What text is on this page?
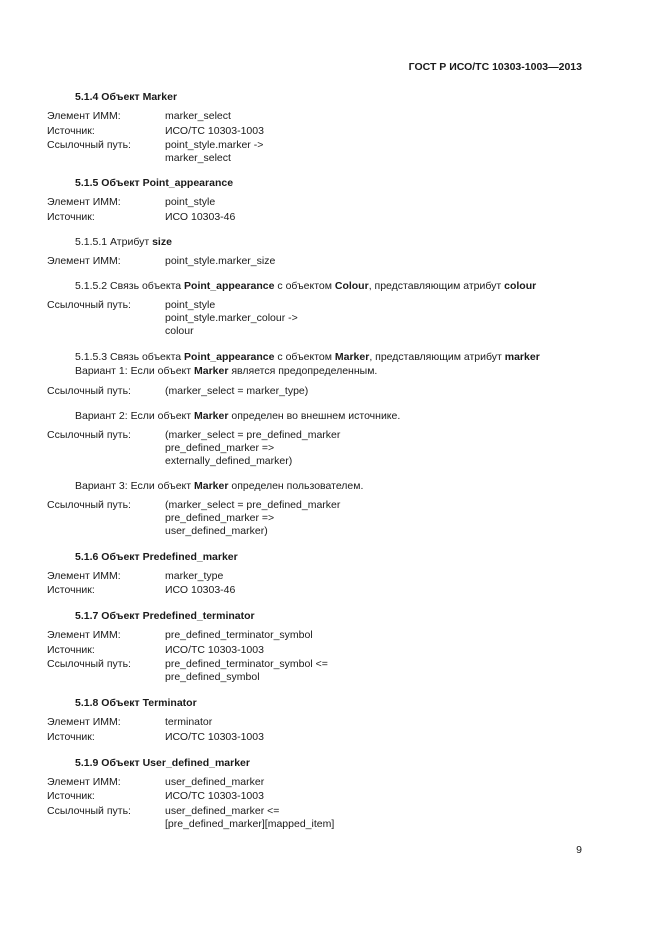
ГОСТ Р ИСО/ТС 10303-1003—2013
5.1.4 Объект Marker
Элемент ИММ:	marker_select
Источник:	ИСО/ТС 10303-1003
Ссылочный путь:	point_style.marker ->
marker_select
5.1.5 Объект Point_appearance
Элемент ИММ:	point_style
Источник:	ИСО 10303-46
5.1.5.1 Атрибут size
Элемент ИММ:	point_style.marker_size
5.1.5.2 Связь объекта Point_appearance с объектом Colour, представляющим атрибут colour
Ссылочный путь:	point_style
point_style.marker_colour ->
colour
5.1.5.3 Связь объекта Point_appearance с объектом Marker, представляющим атрибут marker
Вариант 1: Если объект Marker является предопределенным.
Ссылочный путь:	(marker_select = marker_type)
Вариант 2: Если объект Marker определен во внешнем источнике.
Ссылочный путь:	(marker_select = pre_defined_marker
pre_defined_marker =>
externally_defined_marker)
Вариант 3: Если объект Marker определен пользователем.
Ссылочный путь:	(marker_select = pre_defined_marker
pre_defined_marker =>
user_defined_marker)
5.1.6 Объект Predefined_marker
Элемент ИММ:	marker_type
Источник:	ИСО 10303-46
5.1.7 Объект Predefined_terminator
Элемент ИММ:	pre_defined_terminator_symbol
Источник:	ИСО/ТС 10303-1003
Ссылочный путь:	pre_defined_terminator_symbol <=
pre_defined_symbol
5.1.8 Объект Terminator
Элемент ИММ:	terminator
Источник:	ИСО/ТС 10303-1003
5.1.9 Объект User_defined_marker
Элемент ИММ:	user_defined_marker
Источник:	ИСО/ТС 10303-1003
Ссылочный путь:	user_defined_marker <=
[pre_defined_marker][mapped_item]
9
